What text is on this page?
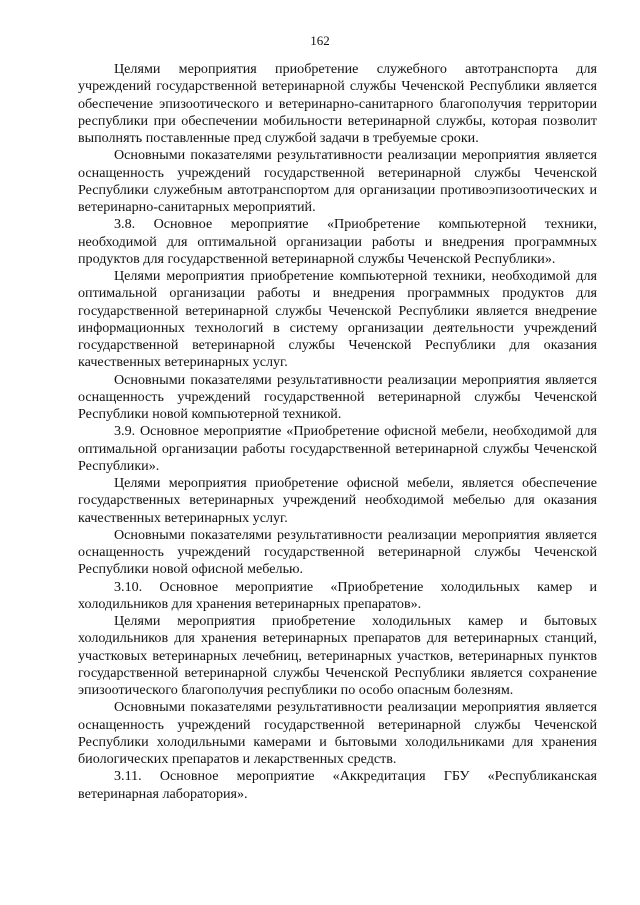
162

Целями мероприятия приобретение служебного автотранспорта для учреждений государственной ветеринарной службы Чеченской Республики является обеспечение эпизоотического и ветеринарно-санитарного благополучия территории республики при обеспечении мобильности ветеринарной службы, которая позволит выполнять поставленные пред службой задачи в требуемые сроки.

Основными показателями результативности реализации мероприятия является оснащенность учреждений государственной ветеринарной службы Чеченской Республики служебным автотранспортом для организации противоэпизоотических и ветеринарно-санитарных мероприятий.

3.8. Основное мероприятие «Приобретение компьютерной техники, необходимой для оптимальной организации работы и внедрения программных продуктов для государственной ветеринарной службы Чеченской Республики».

Целями мероприятия приобретение компьютерной техники, необходимой для оптимальной организации работы и внедрения программных продуктов для государственной ветеринарной службы Чеченской Республики является внедрение информационных технологий в систему организации деятельности учреждений государственной ветеринарной службы Чеченской Республики для оказания качественных ветеринарных услуг.

Основными показателями результативности реализации мероприятия является оснащенность учреждений государственной ветеринарной службы Чеченской Республики новой компьютерной техникой.

3.9. Основное мероприятие «Приобретение офисной мебели, необходимой для оптимальной организации работы государственной ветеринарной службы Чеченской Республики».

Целями мероприятия приобретение офисной мебели, является обеспечение государственных ветеринарных учреждений необходимой мебелью для оказания качественных ветеринарных услуг.

Основными показателями результативности реализации мероприятия является оснащенность учреждений государственной ветеринарной службы Чеченской Республики новой офисной мебелью.

3.10. Основное мероприятие «Приобретение холодильных камер и холодильников для хранения ветеринарных препаратов».

Целями мероприятия приобретение холодильных камер и бытовых холодильников для хранения ветеринарных препаратов для ветеринарных станций, участковых ветеринарных лечебниц, ветеринарных участков, ветеринарных пунктов государственной ветеринарной службы Чеченской Республики является сохранение эпизоотического благополучия республики по особо опасным болезням.

Основными показателями результативности реализации мероприятия является оснащенность учреждений государственной ветеринарной службы Чеченской Республики холодильными камерами и бытовыми холодильниками для хранения биологических препаратов и лекарственных средств.

3.11. Основное мероприятие «Аккредитация ГБУ «Республиканская ветеринарная лаборатория».
